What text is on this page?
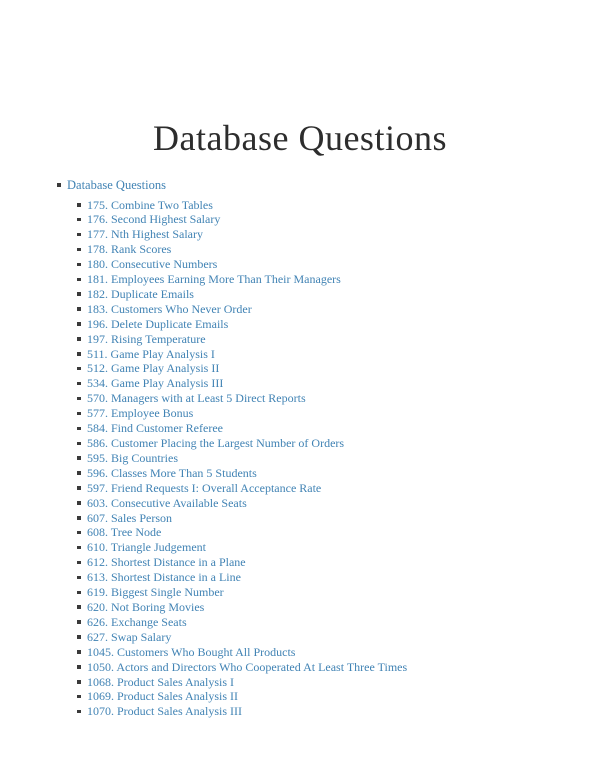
Database Questions
Database Questions
175. Combine Two Tables
176. Second Highest Salary
177. Nth Highest Salary
178. Rank Scores
180. Consecutive Numbers
181. Employees Earning More Than Their Managers
182. Duplicate Emails
183. Customers Who Never Order
196. Delete Duplicate Emails
197. Rising Temperature
511. Game Play Analysis I
512. Game Play Analysis II
534. Game Play Analysis III
570. Managers with at Least 5 Direct Reports
577. Employee Bonus
584. Find Customer Referee
586. Customer Placing the Largest Number of Orders
595. Big Countries
596. Classes More Than 5 Students
597. Friend Requests I: Overall Acceptance Rate
603. Consecutive Available Seats
607. Sales Person
608. Tree Node
610. Triangle Judgement
612. Shortest Distance in a Plane
613. Shortest Distance in a Line
619. Biggest Single Number
620. Not Boring Movies
626. Exchange Seats
627. Swap Salary
1045. Customers Who Bought All Products
1050. Actors and Directors Who Cooperated At Least Three Times
1068. Product Sales Analysis I
1069. Product Sales Analysis II
1070. Product Sales Analysis III
